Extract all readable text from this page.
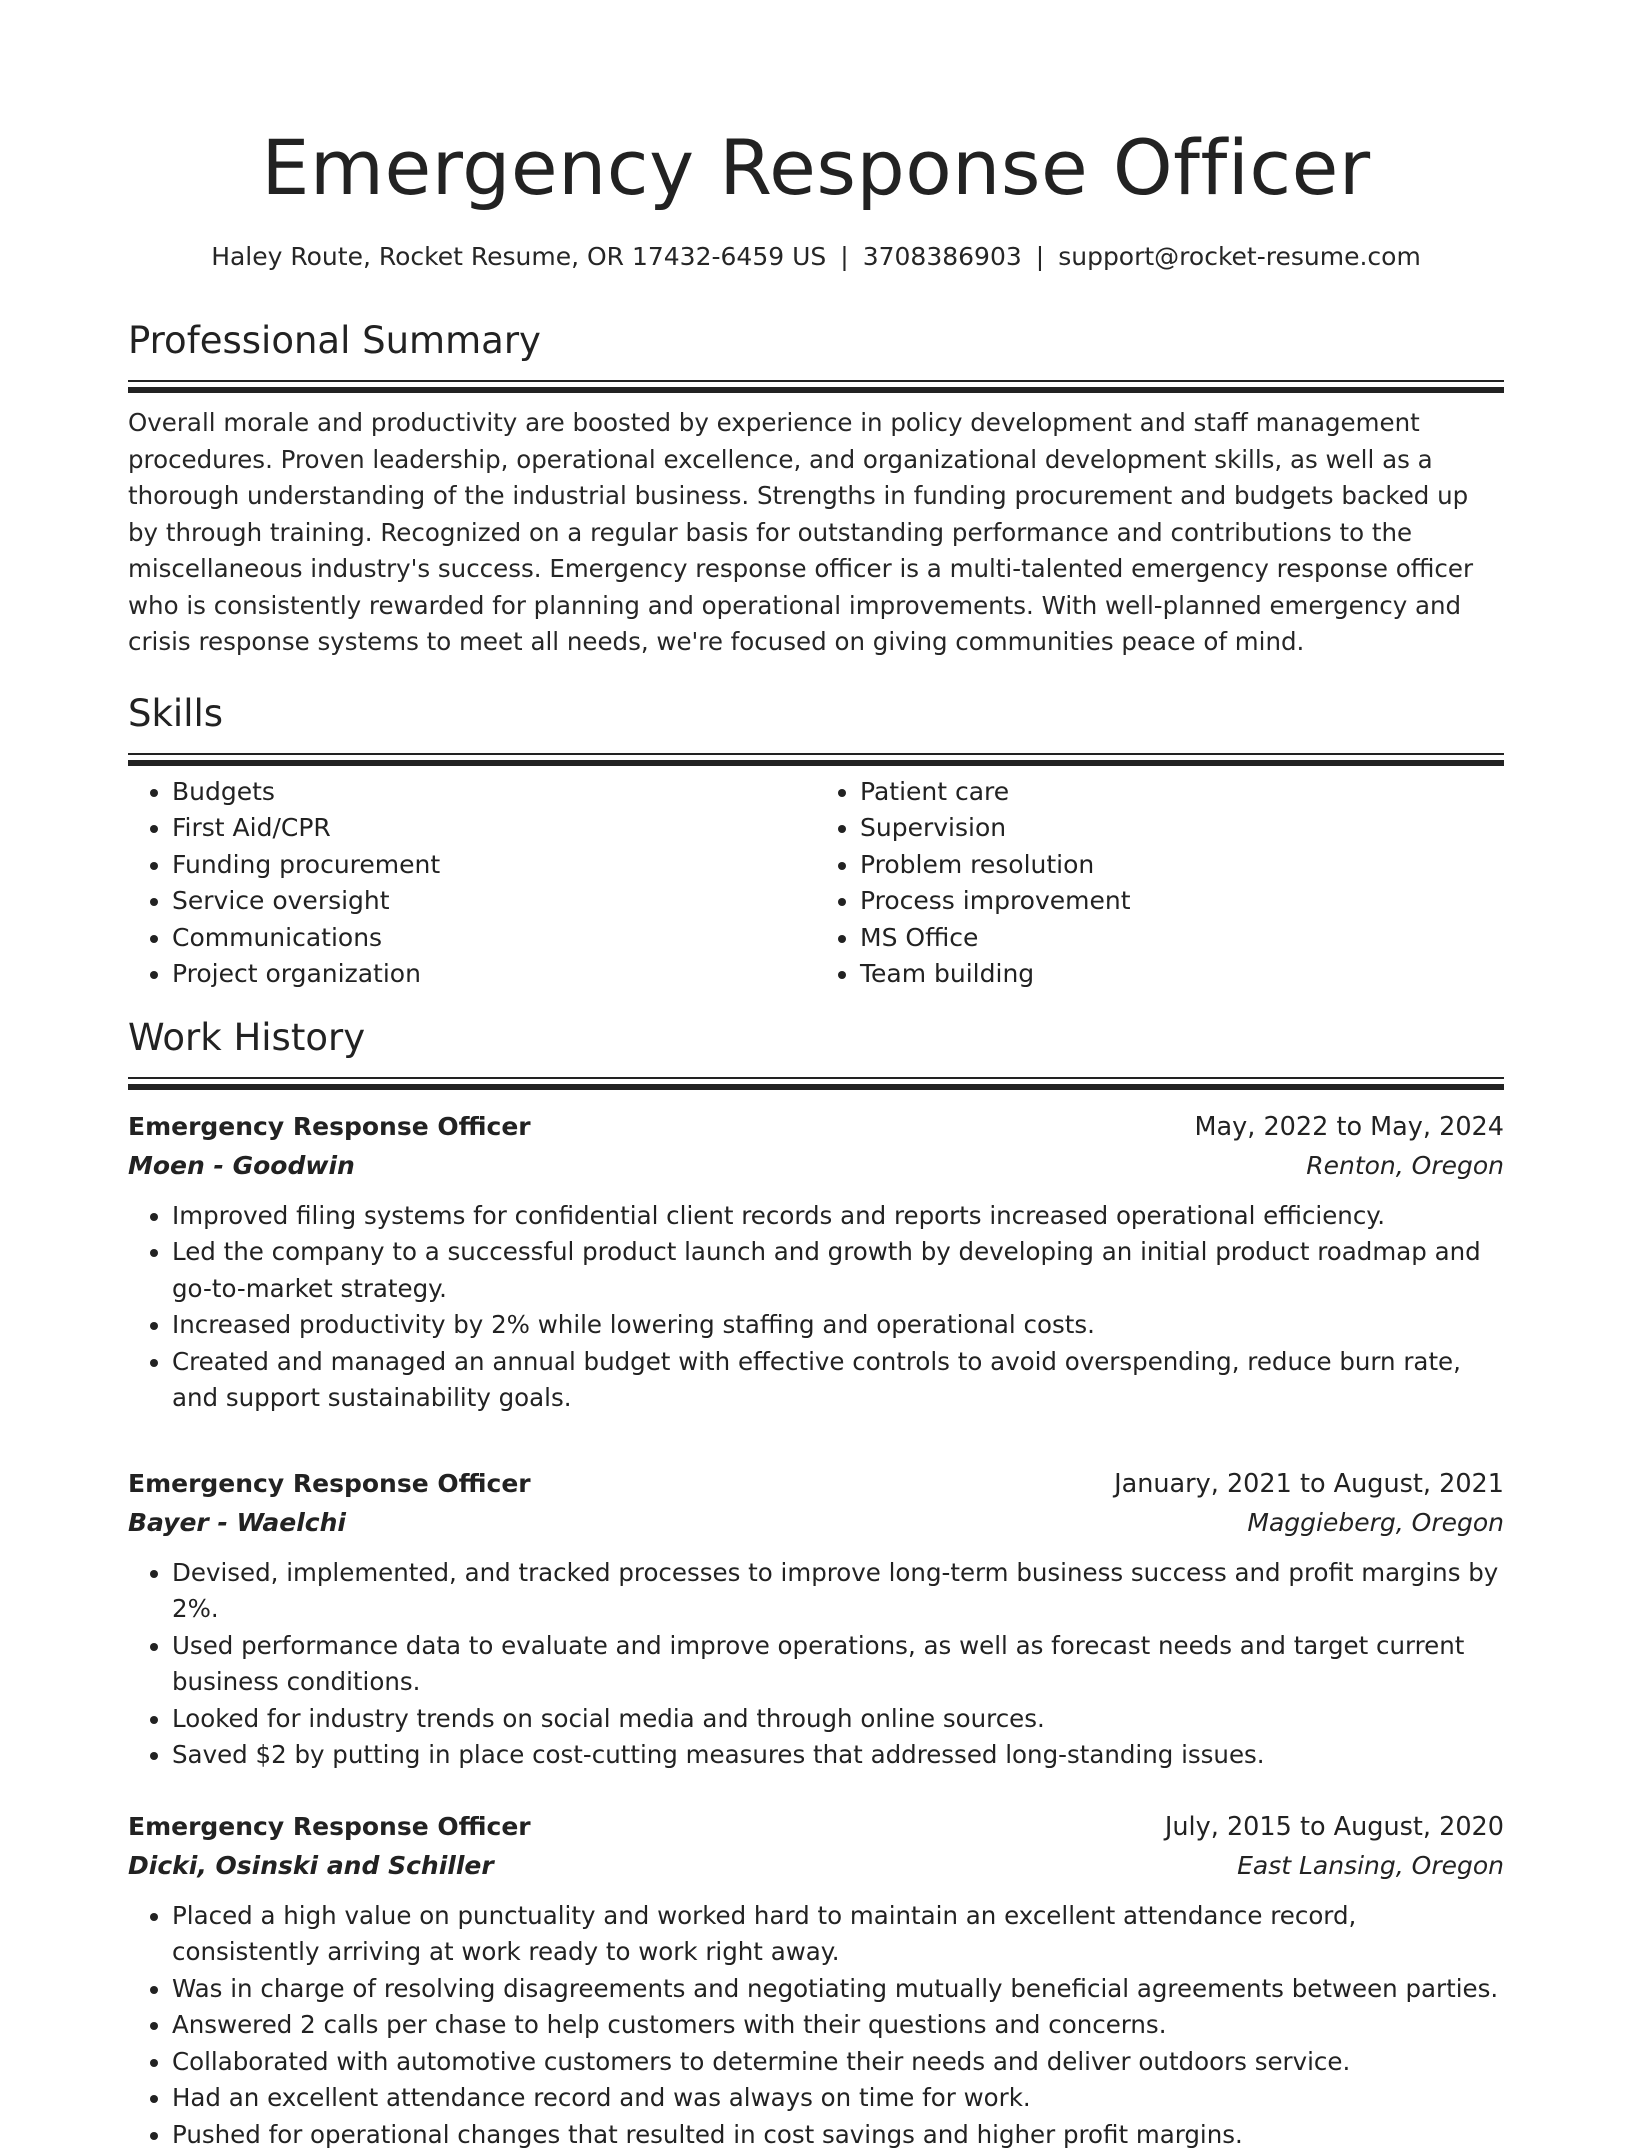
Emergency Response Officer
Haley Route, Rocket Resume, OR 17432-6459 US | 3708386903 | support@rocket-resume.com
Professional Summary

Overall morale and productivity are boosted by experience in policy development and staff management procedures. Proven leadership, operational excellence, and organizational development skills, as well as a thorough understanding of the industrial business. Strengths in funding procurement and budgets backed up by through training. Recognized on a regular basis for outstanding performance and contributions to the miscellaneous industry's success. Emergency response officer is a multi-talented emergency response officer who is consistently rewarded for planning and operational improvements. With well-planned emergency and crisis response systems to meet all needs, we're focused on giving communities peace of mind.

Skills
• Budgets
• First Aid/CPR
• Funding procurement
• Service oversight
• Communications
• Project organization
• Patient care
• Supervision
• Problem resolution
• Process improvement
• MS Office
• Team building
Work History
Emergency Response Officer	May, 2022 to May, 2024
Moen - Goodwin	Renton, Oregon
• Improved filing systems for confidential client records and reports increased operational efficiency.
• Led the company to a successful product launch and growth by developing an initial product roadmap and go-to-market strategy.
• Increased productivity by 2% while lowering staffing and operational costs.
• Created and managed an annual budget with effective controls to avoid overspending, reduce burn rate, and support sustainability goals.
Emergency Response Officer	January, 2021 to August, 2021
Bayer - Waelchi	Maggieberg, Oregon
• Devised, implemented, and tracked processes to improve long-term business success and profit margins by 2%.
• Used performance data to evaluate and improve operations, as well as forecast needs and target current business conditions.
• Looked for industry trends on social media and through online sources.
• Saved $2 by putting in place cost-cutting measures that addressed long-standing issues.
Emergency Response Officer	July, 2015 to August, 2020
Dicki, Osinski and Schiller	East Lansing, Oregon
• Placed a high value on punctuality and worked hard to maintain an excellent attendance record, consistently arriving at work ready to work right away.
• Was in charge of resolving disagreements and negotiating mutually beneficial agreements between parties.
• Answered 2 calls per chase to help customers with their questions and concerns.
• Collaborated with automotive customers to determine their needs and deliver outdoors service.
• Had an excellent attendance record and was always on time for work.
• Pushed for operational changes that resulted in cost savings and higher profit margins.
